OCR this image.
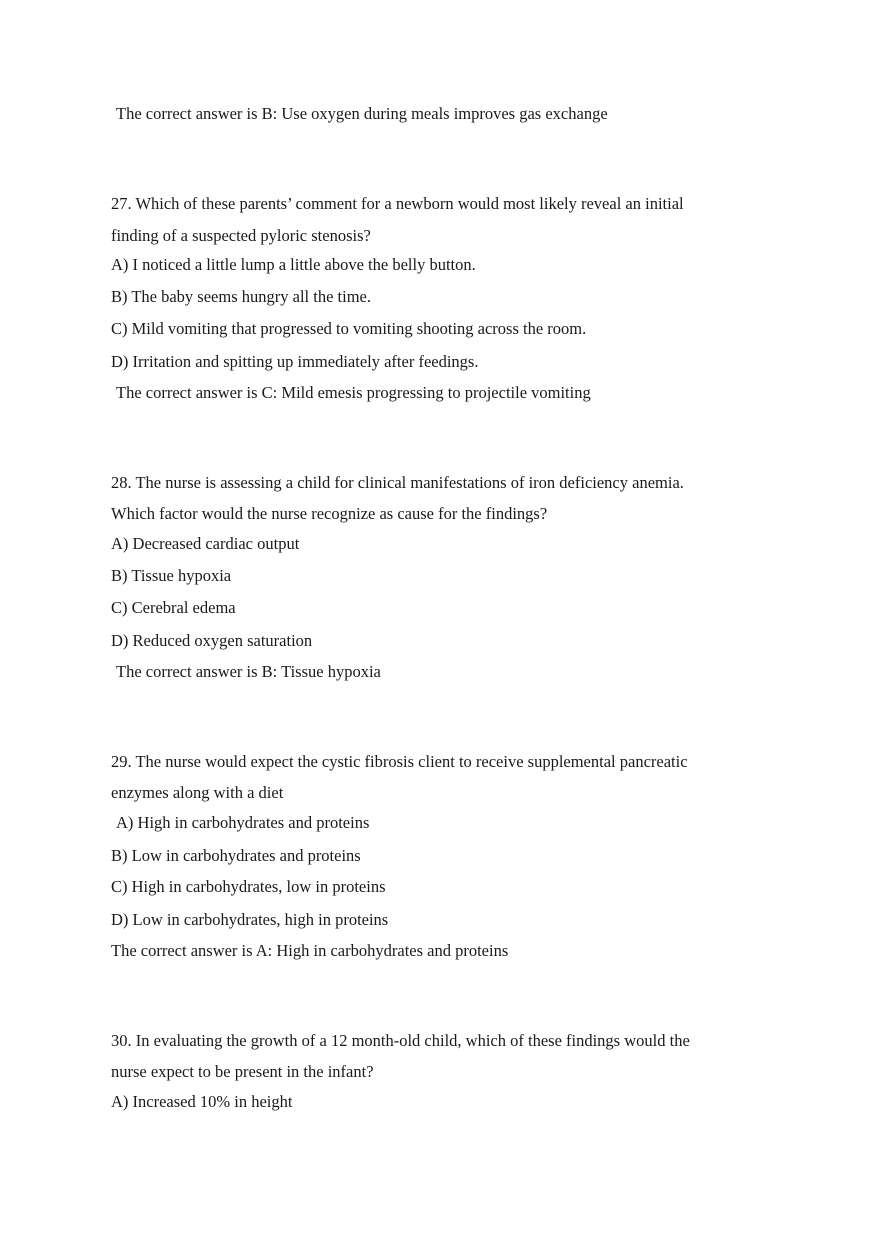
The correct answer is B: Use oxygen during meals improves gas exchange
27. Which of these parents’ comment for a newborn would most likely reveal an initial
finding of a suspected pyloric stenosis?
A) I noticed a little lump a little above the belly button.
B) The baby seems hungry all the time.
C) Mild vomiting that progressed to vomiting shooting across the room.
D) Irritation and spitting up immediately after feedings.
The correct answer is C: Mild emesis progressing to projectile vomiting
28. The nurse is assessing a child for clinical manifestations of iron deficiency anemia.
Which factor would the nurse recognize as cause for the findings?
A) Decreased cardiac output
B) Tissue hypoxia
C) Cerebral edema
D) Reduced oxygen saturation
The correct answer is B: Tissue hypoxia
29. The nurse would expect the cystic fibrosis client to receive supplemental pancreatic
enzymes along with a diet
A) High in carbohydrates and proteins
B) Low in carbohydrates and proteins
C) High in carbohydrates, low in proteins
D) Low in carbohydrates, high in proteins
The correct answer is A: High in carbohydrates and proteins
30. In evaluating the growth of a 12 month-old child, which of these findings would the
nurse expect to be present in the infant?
A) Increased 10% in height
